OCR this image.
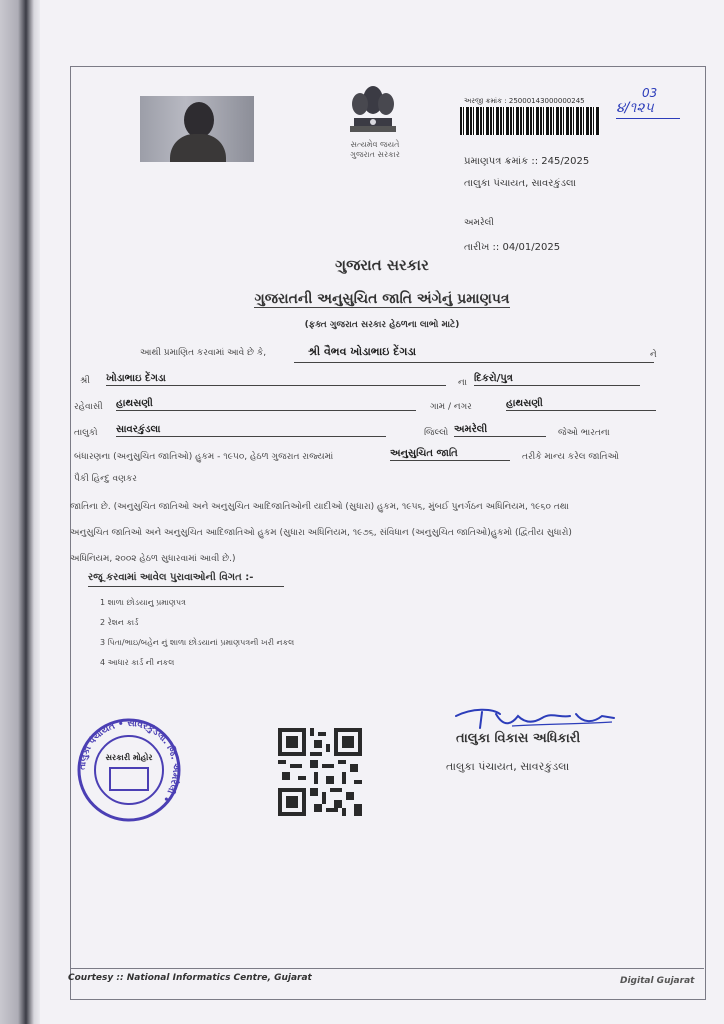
સત્યમેવ જયતે
ગુજરાત સરકાર
અરજી ક્રમાંક : 25000143000000245
03
૪/૧૨૫
પ્રમાણપત્ર ક્રમાંક :: 245/2025
તાલુકા પંચાયત, સાવરકુંડલા
અમરેલી
તારીખ :: 04/01/2025
ગુજરાત સરકાર
ગુજરાતની અનુસુચિત જાતિ અંગેનું પ્રમાણપત્ર
(ફક્ત ગુજરાત સરકાર હેઠળના લાભો માટે)
આથી પ્રમાણિત કરવામાં આવે છે કે,	શ્રી વૈભવ ખોડાભાઇ દેંગડા	ને
શ્રી ખોડાભાઇ દેંગડા	ના દિકરો/પુત્ર
રહેવાસી હાથસણી	ગામ / નગર	હાથસણી
તાલુકો સાવરકુંડલા	જિલ્લો અમરેલી	જેઓ ભારતના
બંધારણના (અનુસુચિત જાતિઓ) હુકમ - ૧૯૫૦, હેઠળ ગુજરાત રાજ્યમાં	અનુસુચિત જાતિ	તરીકે માન્ય કરેલ જાતિઓ
પૈકી હિન્દુ વણકર
જાતિના છે. (અનુસુચિત જાતિઓ અને અનુસુચિત આદિજાતિઓની યાદીઓ (સુધારા) હુકમ, ૧૯૫૬, મુંબઈ પુનર્ગઠન અધિનિયમ, ૧૯૬૦ તથા
અનુસુચિત જાતિઓ અને અનુસુચિત આદિજાતિઓ હુકમ (સુધારા અધિનિયમ, ૧૯૭૬, સંવિધાન (અનુસુચિત જાતિઓ)હુકમો (દ્વિતીય સુધારો)
અધિનિયમ, ૨૦૦૨ હેઠળ સુધારવામાં આવી છે.)
રજૂ કરવામાં આવેલ પુરાવાઓની વિગત :-
1 શાળા છોડયાનુ પ્રમાણપત્ર
2 રેશન કાર્ડ
3 પિતા/ભાઇ/બહેન નું શાળા છોડયાનાં પ્રમાણપત્રની ખરી નકલ
4 આધાર કાર્ડ ની નકલ
તાલુકા પંચાયત • સાવરકુંડલા. જિ. અમરેલી •
સરકારી મોહોર
તાલુકા વિકાસ અધિકારી
તાલુકા પંચાયત, સાવરકુંડલા
Courtesy :: National Informatics Centre, Gujarat	Digital Gujarat
